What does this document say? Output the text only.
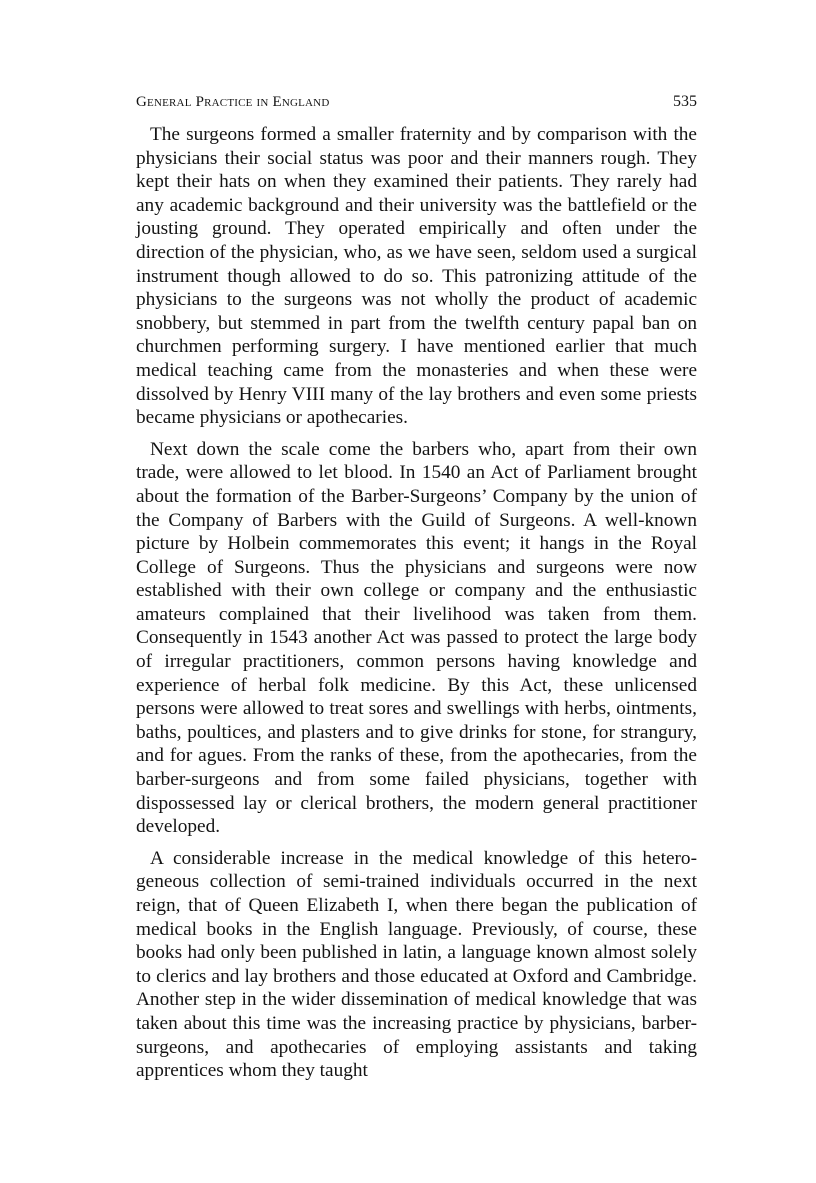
General Practice in England	535

The surgeons formed a smaller fraternity and by comparison with the physicians their social status was poor and their manners rough. They kept their hats on when they examined their patients. They rarely had any academic background and their university was the battlefield or the jousting ground. They operated empirically and often under the direction of the physician, who, as we have seen, seldom used a surgical instrument though allowed to do so. This patronizing attitude of the physicians to the surgeons was not wholly the product of academic snobbery, but stemmed in part from the twelfth century papal ban on churchmen performing surgery. I have mentioned earlier that much medical teaching came from the monasteries and when these were dissolved by Henry VIII many of the lay brothers and even some priests became physicians or apothecaries.

Next down the scale come the barbers who, apart from their own trade, were allowed to let blood. In 1540 an Act of Parliament brought about the formation of the Barber-Surgeons’ Company by the union of the Company of Barbers with the Guild of Surgeons. A well-known picture by Holbein commemorates this event; it hangs in the Royal College of Surgeons. Thus the physicians and surgeons were now established with their own college or company and the enthusiastic amateurs complained that their livelihood was taken from them. Consequently in 1543 another Act was passed to protect the large body of irregular practitioners, common persons having knowledge and experience of herbal folk medicine. By this Act, these unlicensed persons were allowed to treat sores and swellings with herbs, ointments, baths, poultices, and plasters and to give drinks for stone, for strangury, and for agues. From the ranks of these, from the apothecaries, from the barber-surgeons and from some failed physicians, together with dispossessed lay or clerical brothers, the modern general practitioner developed.

A considerable increase in the medical knowledge of this heterogeneous collection of semi-trained individuals occurred in the next reign, that of Queen Elizabeth I, when there began the publication of medical books in the English language. Previously, of course, these books had only been published in latin, a language known almost solely to clerics and lay brothers and those educated at Oxford and Cambridge. Another step in the wider dissemination of medical knowledge that was taken about this time was the increasing practice by physicians, barber-surgeons, and apothecaries of employing assistants and taking apprentices whom they taught
